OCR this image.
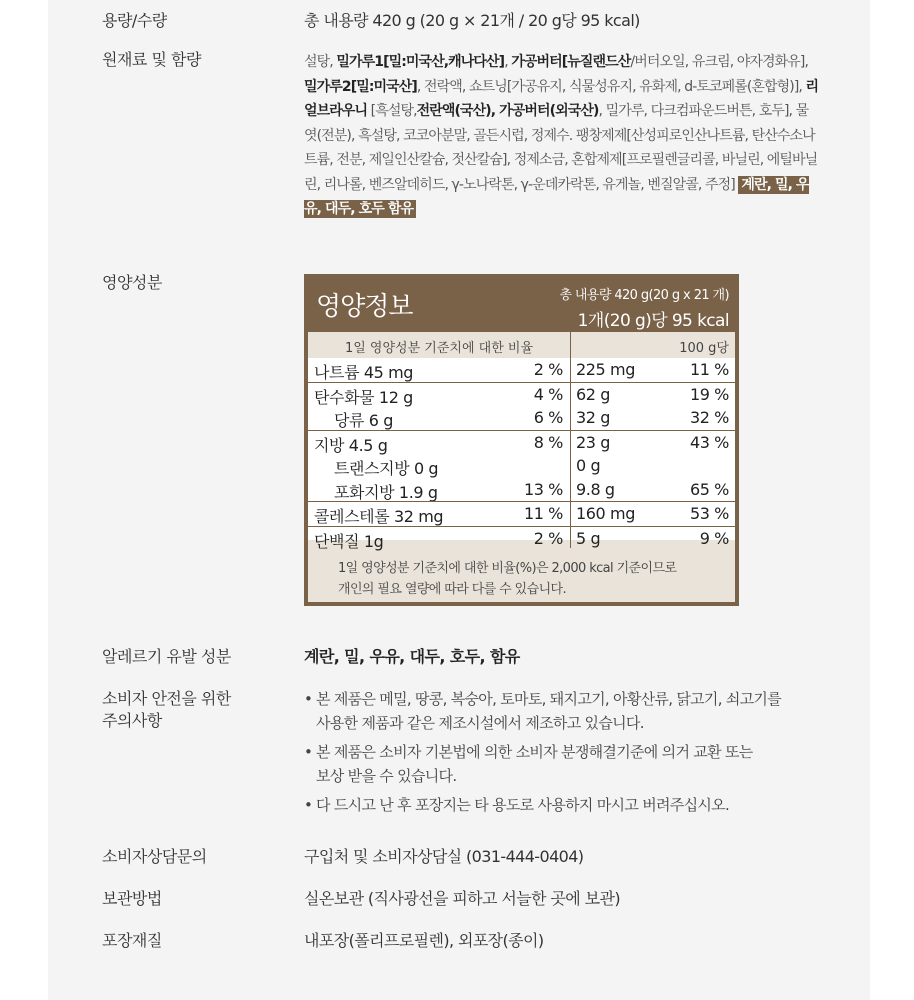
용량/수량	총 내용량 420 g (20 g × 21개 / 20 g당 95 kcal)
원재료 및 함량	설탕, 밀가루1[밀:미국산,캐나다산], 가공버터[뉴질랜드산/버터오일, 유크림, 야자경화유], 밀가루2[밀:미국산], 전락액, 쇼트닝[가공유지, 식물성유지, 유화제, d-토코페롤(혼합형)], 리얼브라우니 [흑설탕,전란액(국산), 가공버터(외국산), 밀가루, 다크컴파운드버튼, 호두], 물엿(전분), 흑설탕, 코코아분말, 골든시럽, 정제수. 팽창제제[산성피로인산나트륨, 탄산수소나트륨, 전분, 제일인산칼슘, 젓산칼슘], 정제소금, 혼합제제[프로필렌글리콜, 바닐린, 에틸바닐린, 리나롤, 벤즈알데히드, γ-노나락톤, γ-운데카락톤, 유게놀, 벤질알콜, 주정] 계란, 밀, 우유, 대두, 호두 함유
영양성분
영양정보	총 내용량 420 g(20 g x 21 개)
1개(20 g)당 95 kcal
1일 영양성분 기준치에 대한 비율	100 g당
나트륨 45 mg	2 % 225 mg	11 %
탄수화물 12 g	4 % 62 g	19 %
당류 6 g	6 % 32 g	32 %
지방 4.5 g	8 % 23 g	43 %
트랜스지방 0 g	0 g
포화지방 1.9 g	13 % 9.8 g	65 %
콜레스테롤 32 mg	11 % 160 mg	53 %
단백질 1g	2 % 5 g	9 %
1일 영양성분 기준치에 대한 비율(%)은 2,000 kcal 기준이므로
개인의 필요 열량에 따라 다를 수 있습니다.
알레르기 유발 성분	계란, 밀, 우유, 대두, 호두, 함유
소비자 안전을 위한
주의사항
• 본 제품은 메밀, 땅콩, 복숭아, 토마토, 돼지고기, 아황산류, 닭고기, 쇠고기를
사용한 제품과 같은 제조시설에서 제조하고 있습니다.
• 본 제품은 소비자 기본법에 의한 소비자 분쟁해결기준에 의거 교환 또는
보상 받을 수 있습니다.
• 다 드시고 난 후 포장지는 타 용도로 사용하지 마시고 버려주십시오.
소비자상담문의	구입처 및 소비자상담실 (031-444-0404)
보관방법	실온보관 (직사광선을 피하고 서늘한 곳에 보관)
포장재질	내포장(폴리프로필렌), 외포장(종이)
